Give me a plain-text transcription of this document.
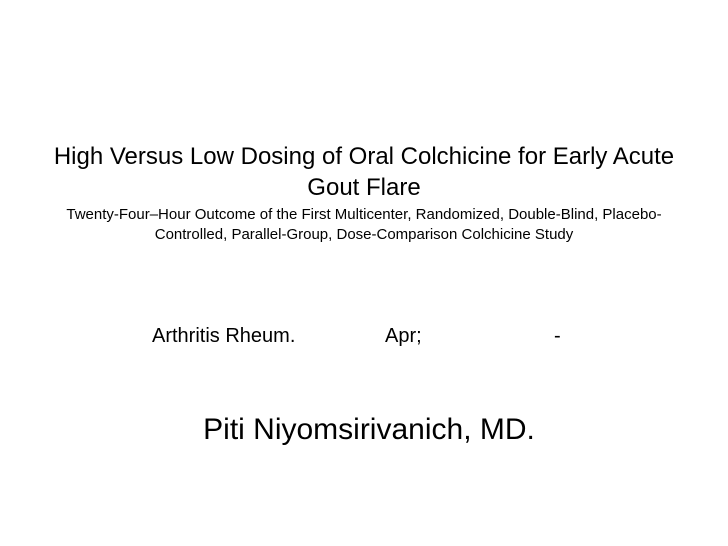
High Versus Low Dosing of Oral Colchicine for Early Acute Gout Flare
Twenty-Four–Hour Outcome of the First Multicenter, Randomized, Double-Blind, Placebo-Controlled, Parallel-Group, Dose-Comparison Colchicine Study
Arthritis Rheum.	Apr;	-
Piti Niyomsirivanich, MD.
